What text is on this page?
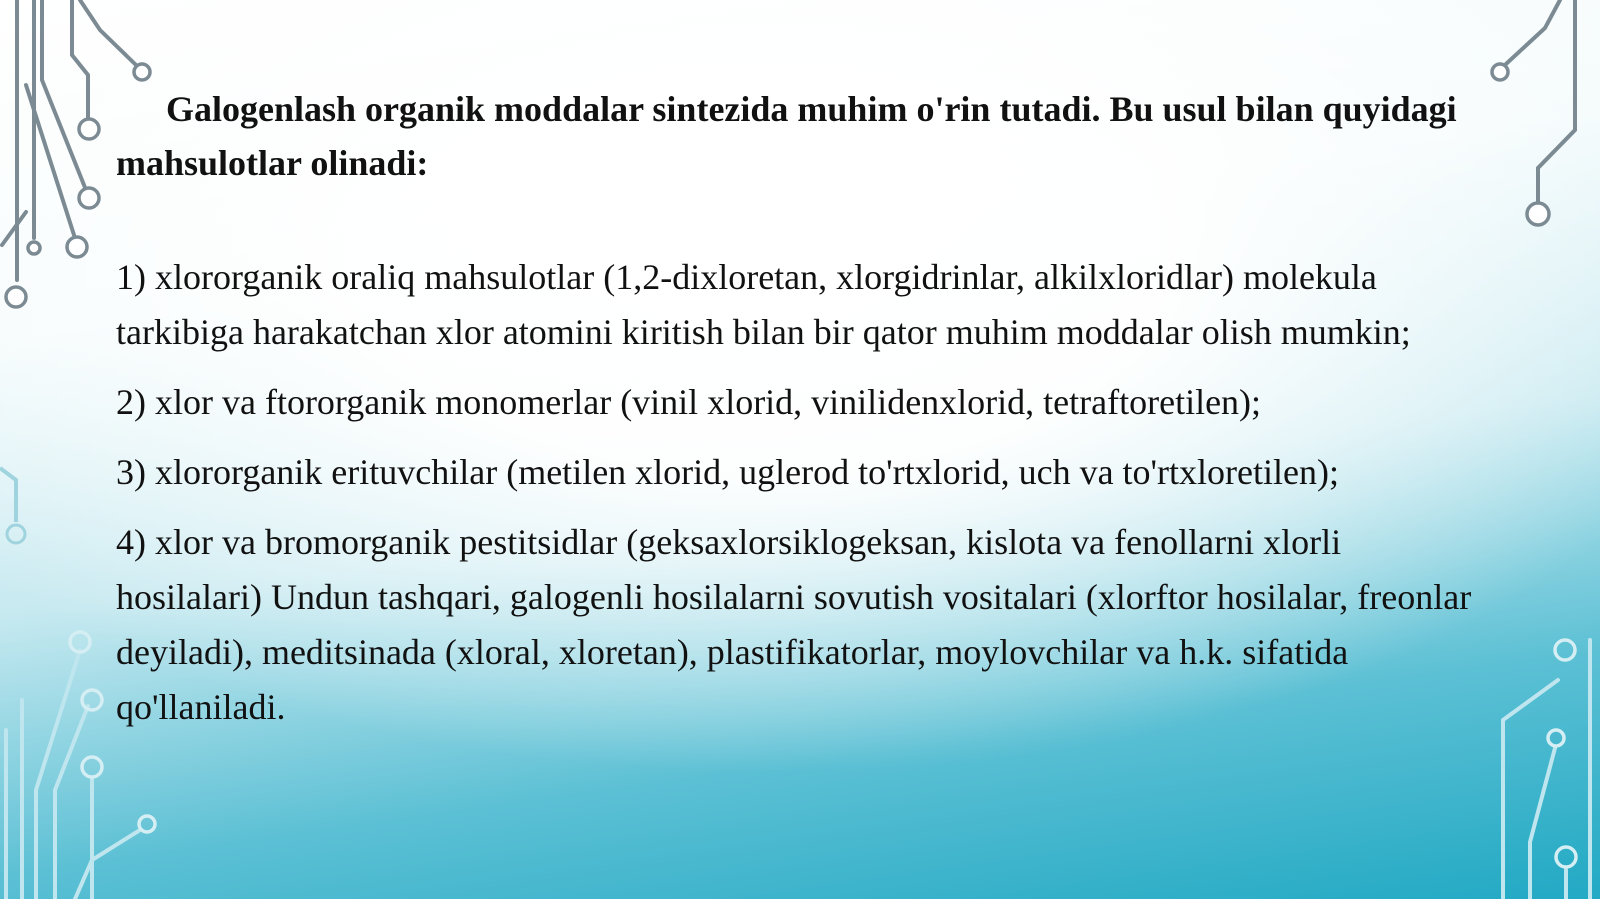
Galogenlash organik moddalar sintezida muhim o'rin tutadi. Bu usul bilan quyidagi mahsulotlar olinadi:

1) xlororganik oraliq mahsulotlar (1,2-dixloretan, xlorgidrinlar, alkilxloridlar) molekula tarkibiga harakatchan xlor atomini kiritish bilan bir qator muhim moddalar olish mumkin;

2) xlor va ftororganik monomerlar (vinil xlorid, vinilidenxlorid, tetraftoretilen);

3) xlororganik erituvchilar (metilen xlorid, uglerod to'rtxlorid, uch va to'rtxloretilen);

4) xlor va bromorganik pestitsidlar (geksaxlorsiklogeksan, kislota va fenollarni xlorli hosilalari) Undun tashqari, galogenli hosilalarni sovutish vositalari (xlorftor hosilalar, freonlar deyiladi), meditsinada (xloral, xloretan), plastifikatorlar, moylovchilar va h.k. sifatida qo'llaniladi.
